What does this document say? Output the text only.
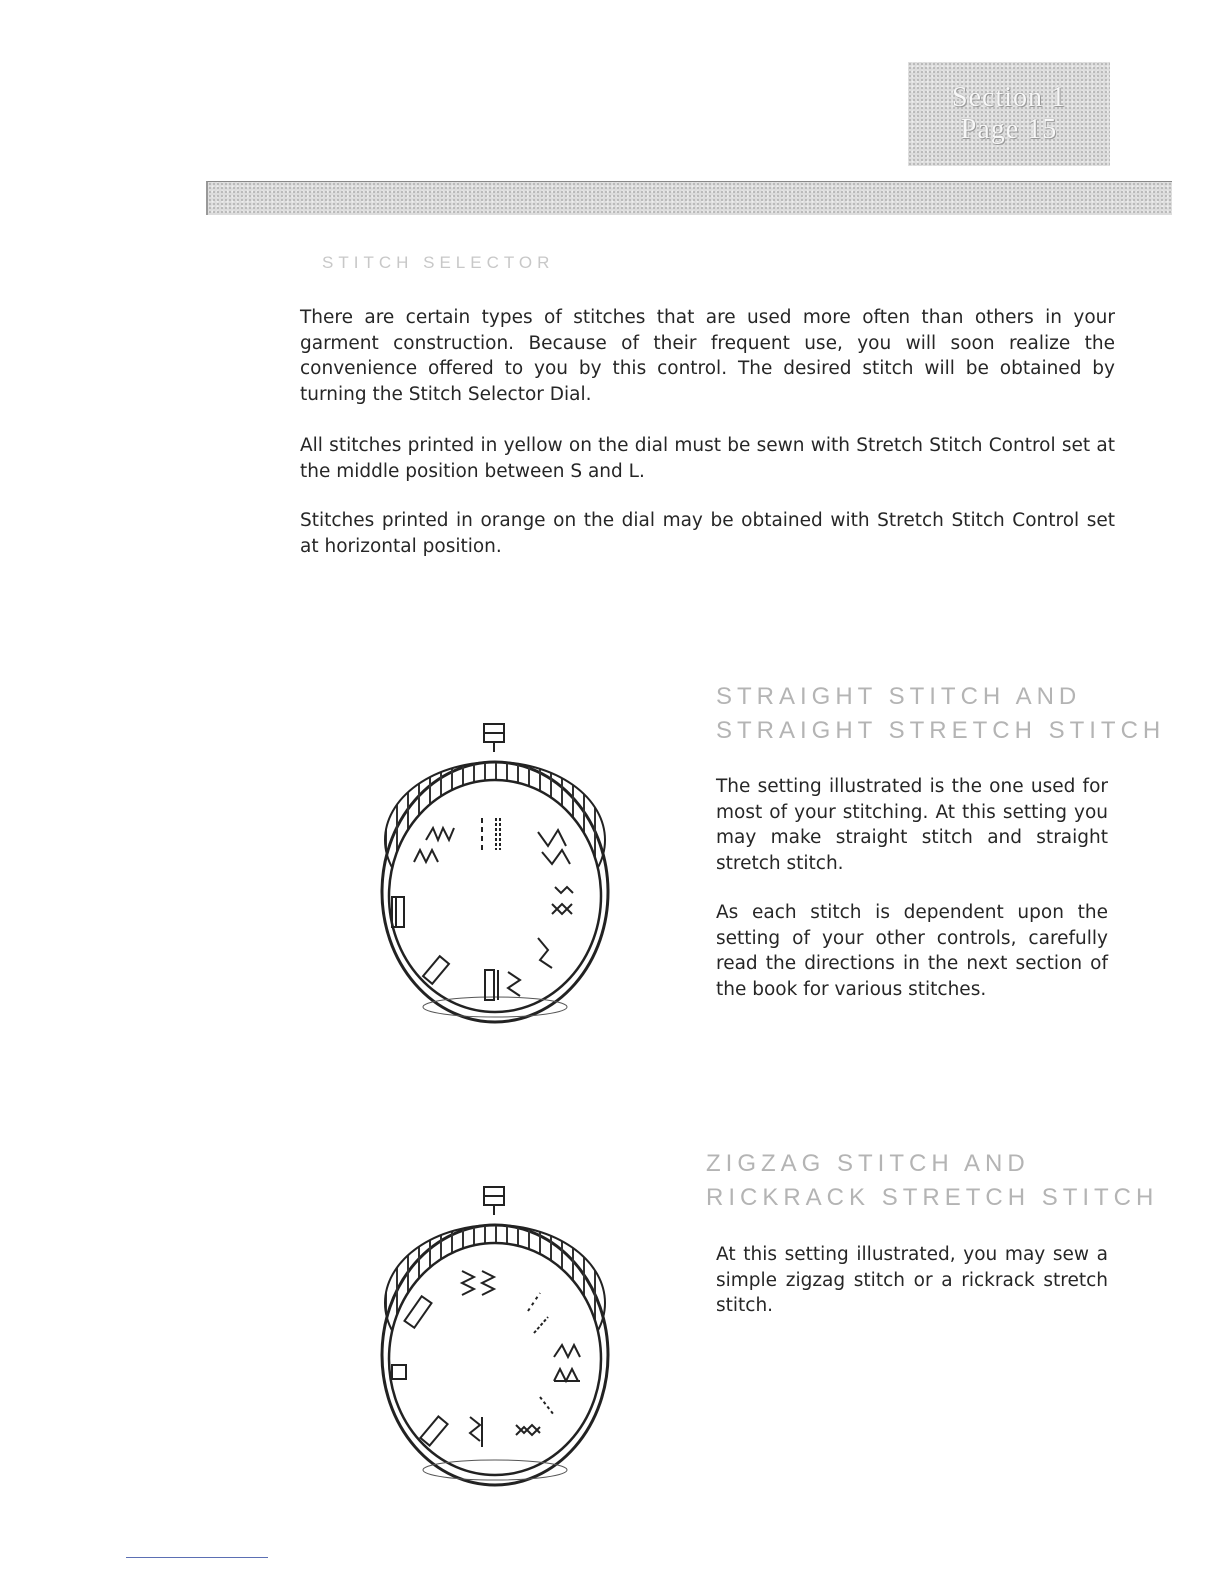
Section 1
Page 15
STITCH SELECTOR

There are certain types of stitches that are used more often than others in your garment construction. Because of their frequent use, you will soon realize the convenience offered to you by this control. The desired stitch will be obtained by turning the Stitch Selector Dial.

All stitches printed in yellow on the dial must be sewn with Stretch Stitch Control set at the middle position between S and L.

Stitches printed in orange on the dial may be obtained with Stretch Stitch Control set at horizontal position.

STRAIGHT STITCH AND
STRAIGHT STRETCH STITCH

The setting illustrated is the one used for most of your stitching. At this setting you may make straight stitch and straight stretch stitch.

As each stitch is dependent upon the setting of your other controls, carefully read the directions in the next section of the book for various stitches.

ZIGZAG STITCH AND
RICKRACK STRETCH STITCH

At this setting illustrated, you may sew a simple zigzag stitch or a rickrack stretch stitch.
